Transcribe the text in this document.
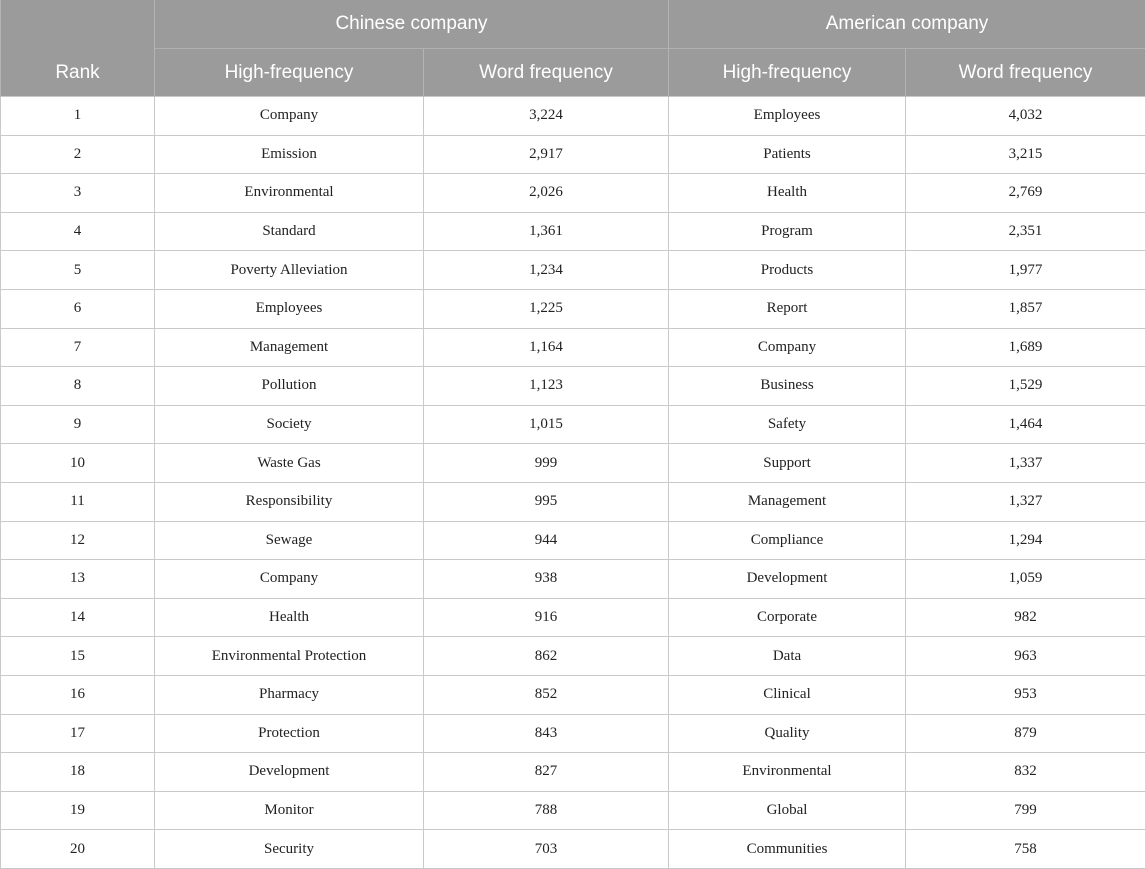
Rank	Chinese company		American company	
	High-frequency	Word frequency	High-frequency	Word frequency
1	Company	3,224	Employees	4,032
2	Emission	2,917	Patients	3,215
3	Environmental	2,026	Health	2,769
4	Standard	1,361	Program	2,351
5	Poverty Alleviation	1,234	Products	1,977
6	Employees	1,225	Report	1,857
7	Management	1,164	Company	1,689
8	Pollution	1,123	Business	1,529
9	Society	1,015	Safety	1,464
10	Waste Gas	999	Support	1,337
11	Responsibility	995	Management	1,327
12	Sewage	944	Compliance	1,294
13	Company	938	Development	1,059
14	Health	916	Corporate	982
15	Environmental Protection	862	Data	963
16	Pharmacy	852	Clinical	953
17	Protection	843	Quality	879
18	Development	827	Environmental	832
19	Monitor	788	Global	799
20	Security	703	Communities	758
